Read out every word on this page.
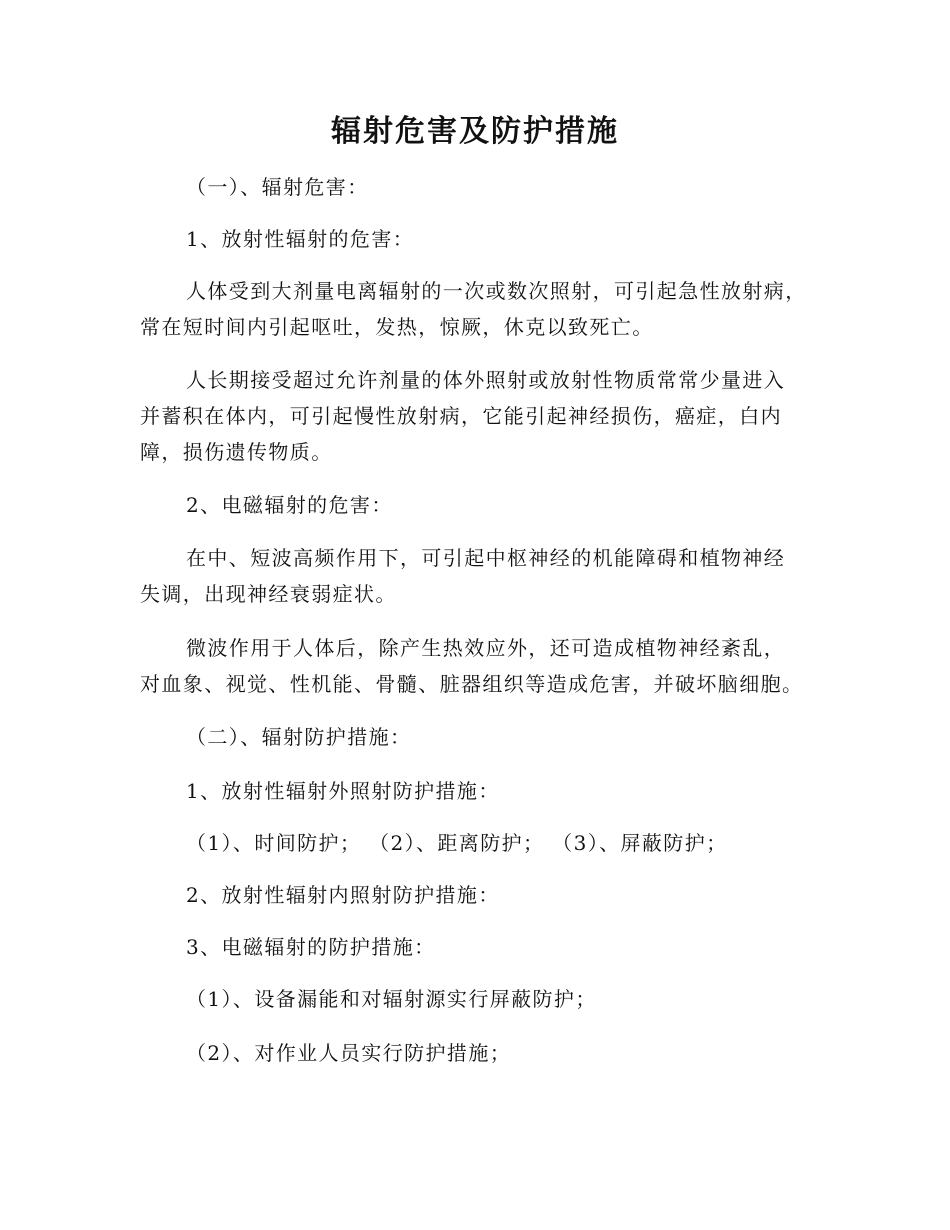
辐射危害及防护措施

（一）、辐射危害：

1、放射性辐射的危害：

人体受到大剂量电离辐射的一次或数次照射，可引起急性放射病，

常在短时间内引起呕吐，发热，惊厥，休克以致死亡。

人长期接受超过允许剂量的体外照射或放射性物质常常少量进入

并蓄积在体内，可引起慢性放射病，它能引起神经损伤，癌症，白内

障，损伤遗传物质。

2、电磁辐射的危害：

在中、短波高频作用下，可引起中枢神经的机能障碍和植物神经

失调，出现神经衰弱症状。

微波作用于人体后，除产生热效应外，还可造成植物神经紊乱，

对血象、视觉、性机能、骨髓、脏器组织等造成危害，并破坏脑细胞。

（二）、辐射防护措施：

1、放射性辐射外照射防护措施：

（1）、时间防护； （2）、距离防护； （3）、屏蔽防护；

2、放射性辐射内照射防护措施：

3、电磁辐射的防护措施：

（1）、设备漏能和对辐射源实行屏蔽防护；

（2）、对作业人员实行防护措施；
